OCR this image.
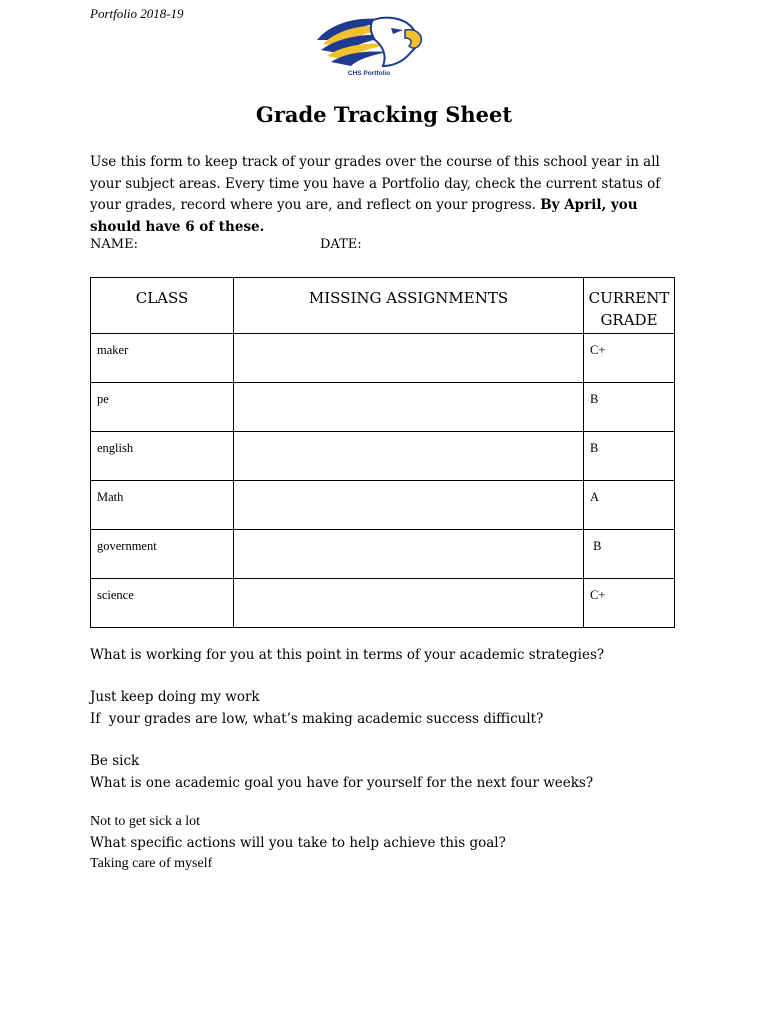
Portfolio 2018-19
CHS Portfolio
Grade Tracking Sheet
Use this form to keep track of your grades over the course of this school year in all your subject areas. Every time you have a Portfolio day, check the current status of your grades, record where you are, and reflect on your progress. By April, you should have 6 of these.
NAME:	DATE:
CLASS	MISSING ASSIGNMENTS	CURRENT GRADE

maker		C+

pe		B

english		B

Math		A

government		B

science		C+
What is working for you at this point in terms of your academic strategies?
Just keep doing my work
If  your grades are low, what’s making academic success difficult?
Be sick
What is one academic goal you have for yourself for the next four weeks?
Not to get sick a lot
What specific actions will you take to help achieve this goal?
Taking care of myself
